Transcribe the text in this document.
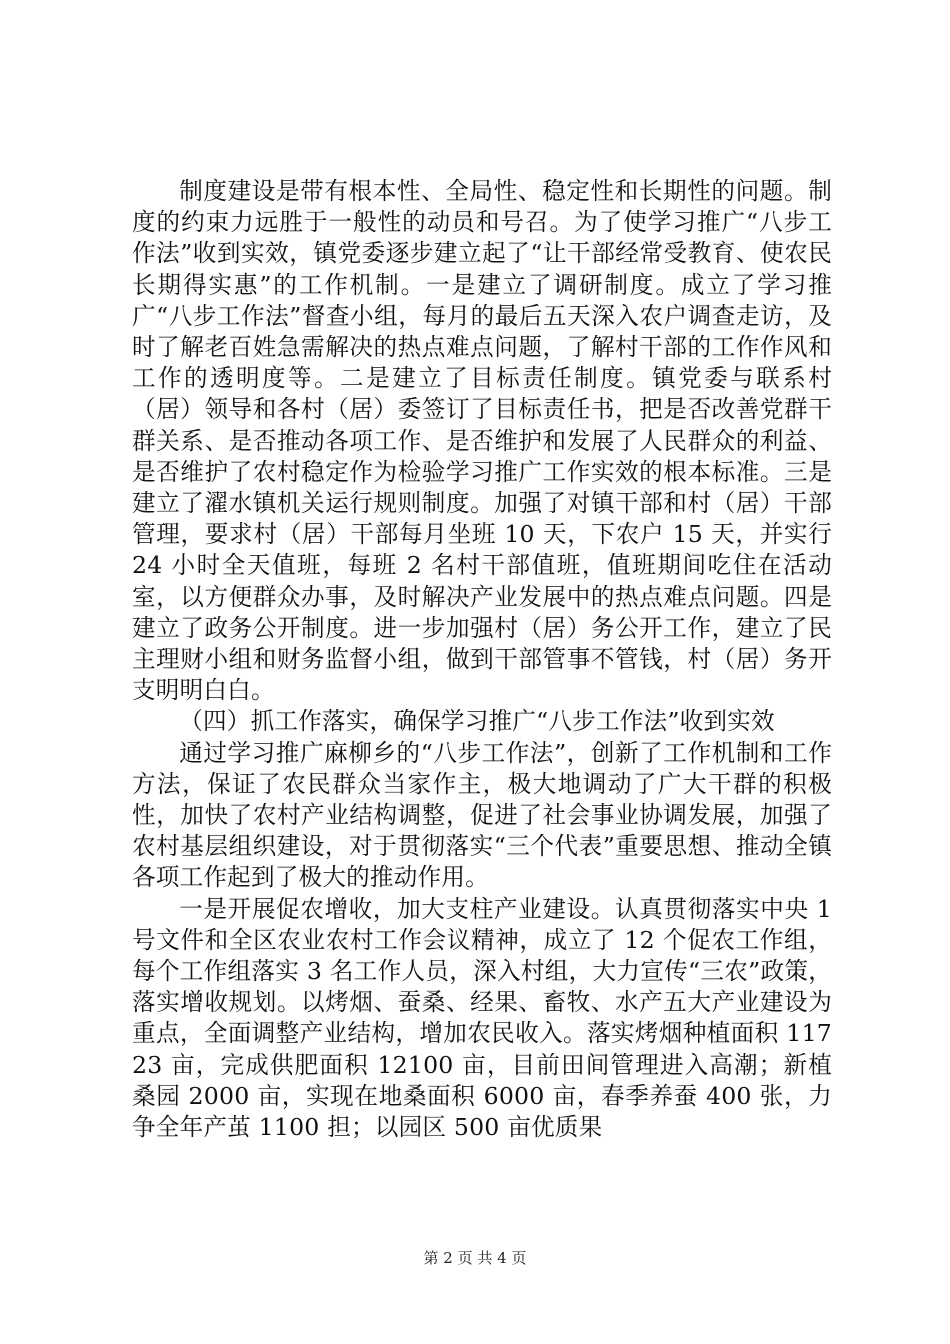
制度建设是带有根本性、全局性、稳定性和长期性的问题。制度的约束力远胜于一般性的动员和号召。为了使学习推广“八步工作法”收到实效，镇党委逐步建立起了“让干部经常受教育、使农民长期得实惠”的工作机制。一是建立了调研制度。成立了学习推广“八步工作法”督查小组，每月的最后五天深入农户调查走访，及时了解老百姓急需解决的热点难点问题，了解村干部的工作作风和工作的透明度等。二是建立了目标责任制度。镇党委与联系村（居）领导和各村（居）委签订了目标责任书，把是否改善党群干群关系、是否推动各项工作、是否维护和发展了人民群众的利益、是否维护了农村稳定作为检验学习推广工作实效的根本标准。三是建立了濯水镇机关运行规则制度。加强了对镇干部和村（居）干部管理，要求村（居）干部每月坐班 10 天，下农户 15 天，并实行 24 小时全天值班，每班 2 名村干部值班，值班期间吃住在活动室，以方便群众办事，及时解决产业发展中的热点难点问题。四是建立了政务公开制度。进一步加强村（居）务公开工作，建立了民主理财小组和财务监督小组，做到干部管事不管钱，村（居）务开支明明白白。

（四）抓工作落实，确保学习推广“八步工作法”收到实效

通过学习推广麻柳乡的“八步工作法”，创新了工作机制和工作方法，保证了农民群众当家作主，极大地调动了广大干群的积极性，加快了农村产业结构调整，促进了社会事业协调发展，加强了农村基层组织建设，对于贯彻落实“三个代表”重要思想、推动全镇各项工作起到了极大的推动作用。

一是开展促农增收，加大支柱产业建设。认真贯彻落实中央 1 号文件和全区农业农村工作会议精神，成立了 12 个促农工作组，每个工作组落实 3 名工作人员，深入村组，大力宣传“三农”政策，落实增收规划。以烤烟、蚕桑、经果、畜牧、水产五大产业建设为重点，全面调整产业结构，增加农民收入。落实烤烟种植面积 11723 亩，完成供肥面积 12100 亩，目前田间管理进入高潮；新植桑园 2000 亩，实现在地桑面积 6000 亩，春季养蚕 400 张，力争全年产茧 1100 担；以园区 500 亩优质果

第 2 页 共 4 页
